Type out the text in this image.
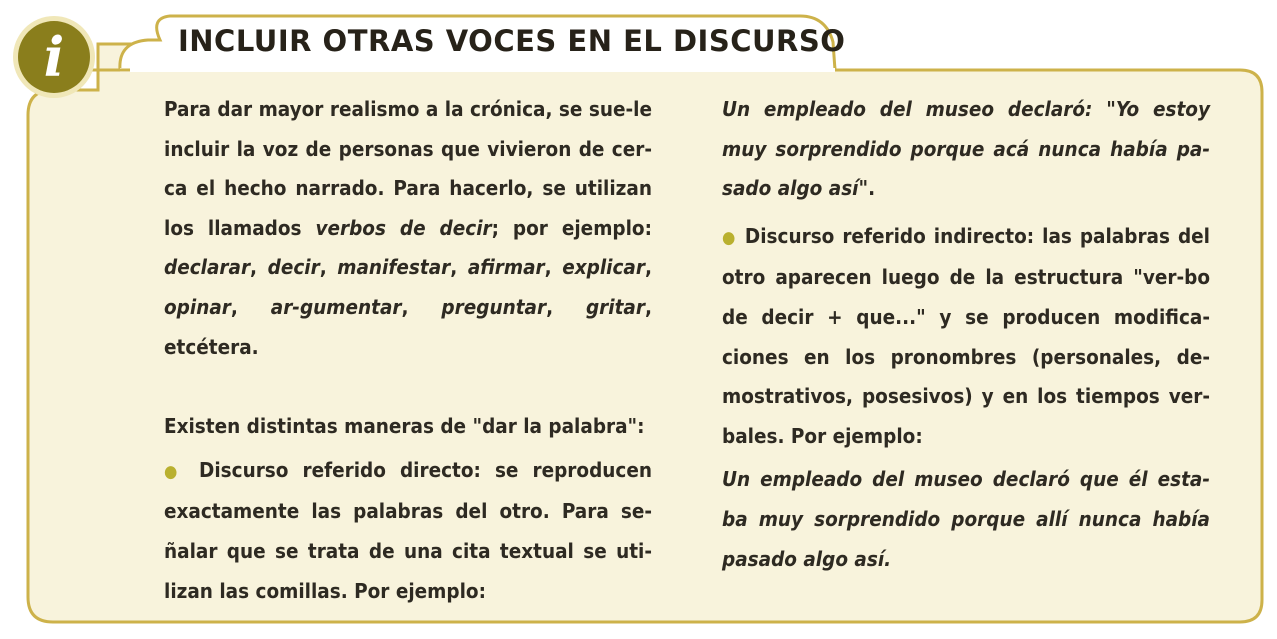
i	INCLUIR OTRAS VOCES EN EL DISCURSO

Para dar mayor realismo a la crónica, se sue-le incluir la voz de personas que vivieron de cer-ca el hecho narrado. Para hacerlo, se utilizan los llamados verbos de decir; por ejemplo: declarar, decir, manifestar, afirmar, explicar, opinar, ar-gumentar, preguntar, gritar, etcétera.

Existen distintas maneras de "dar la palabra":

● Discurso referido directo: se reproducen exactamente las palabras del otro. Para se-ñalar que se trata de una cita textual se uti-lizan las comillas. Por ejemplo:

Un empleado del museo declaró: "Yo estoy muy sorprendido porque acá nunca había pa-sado algo así".

● Discurso referido indirecto: las palabras del otro aparecen luego de la estructura "ver-bo de decir + que..." y se producen modifica-ciones en los pronombres (personales, de-mostrativos, posesivos) y en los tiempos ver-bales. Por ejemplo:

Un empleado del museo declaró que él esta-ba muy sorprendido porque allí nunca había pasado algo así.
